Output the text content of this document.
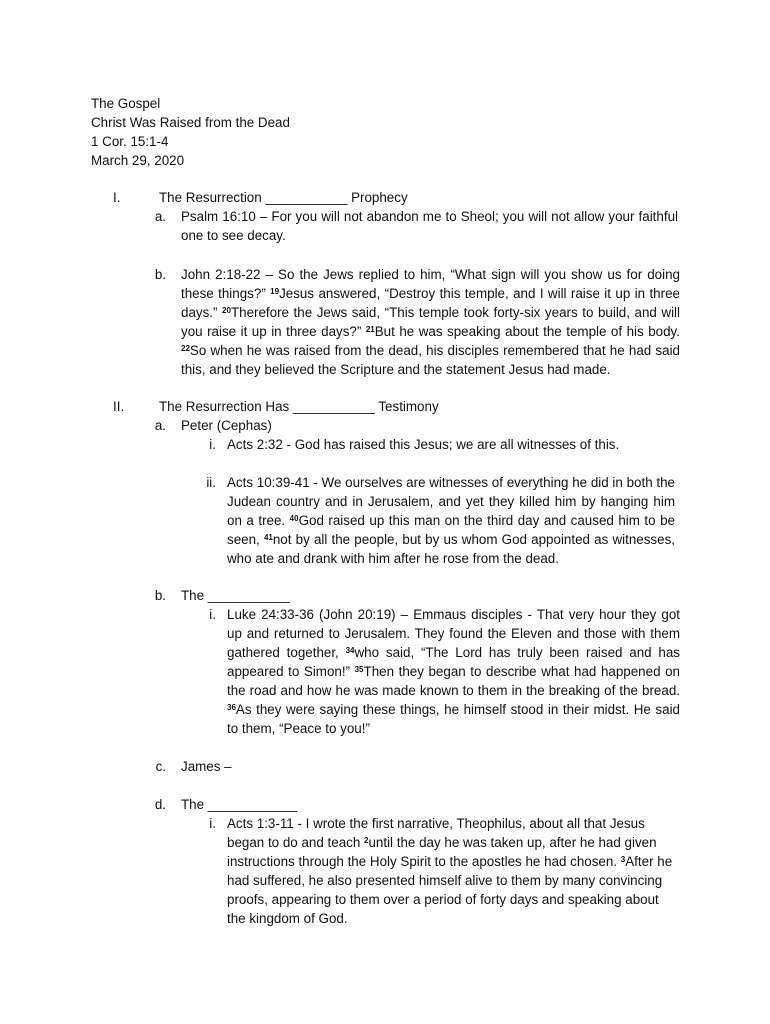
The Gospel
Christ Was Raised from the Dead
1 Cor. 15:1-4
March 29, 2020
I.	The Resurrection ___________ Prophecy
a. Psalm 16:10 – For you will not abandon me to Sheol; you will not allow your faithful one to see decay.
b. John 2:18-22 – So the Jews replied to him, “What sign will you show us for doing these things?” $^{19}$Jesus answered, “Destroy this temple, and I will raise it up in three days.” $^{20}$Therefore the Jews said, “This temple took forty-six years to build, and will you raise it up in three days?” $^{21}$But he was speaking about the temple of his body. $^{22}$So when he was raised from the dead, his disciples remembered that he had said this, and they believed the Scripture and the statement Jesus had made.
II.	The Resurrection Has ___________ Testimony
a. Peter (Cephas)
i. Acts 2:32 - God has raised this Jesus; we are all witnesses of this.
ii. Acts 10:39-41 - We ourselves are witnesses of everything he did in both the Judean country and in Jerusalem, and yet they killed him by hanging him on a tree. $^{40}$God raised up this man on the third day and caused him to be seen, $^{41}$not by all the people, but by us whom God appointed as witnesses, who ate and drank with him after he rose from the dead.
b. The ___________
i. Luke 24:33-36 (John 20:19) – Emmaus disciples - That very hour they got up and returned to Jerusalem. They found the Eleven and those with them gathered together, $^{34}$who said, “The Lord has truly been raised and has appeared to Simon!” $^{35}$Then they began to describe what had happened on the road and how he was made known to them in the breaking of the bread. $^{36}$As they were saying these things, he himself stood in their midst. He said to them, “Peace to you!”
c. James –
d. The ____________
i. Acts 1:3-11 - I wrote the first narrative, Theophilus, about all that Jesus began to do and teach $^2$until the day he was taken up, after he had given instructions through the Holy Spirit to the apostles he had chosen. $^3$After he had suffered, he also presented himself alive to them by many convincing proofs, appearing to them over a period of forty days and speaking about the kingdom of God.
